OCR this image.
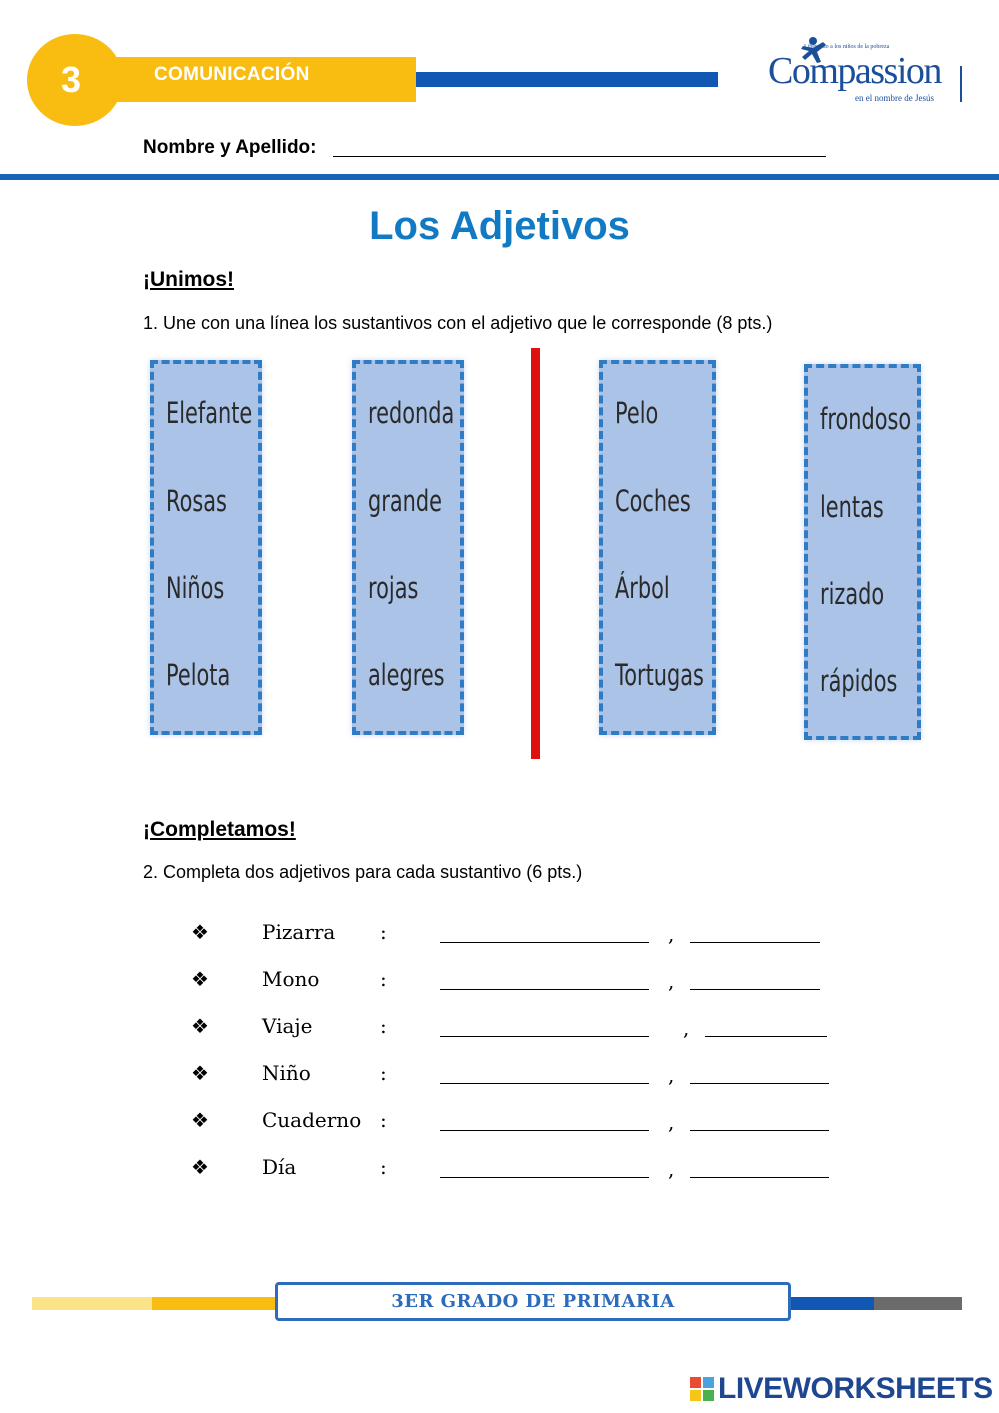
3	COMUNICACIÓN
Liberando a los niños de la pobreza
Compassion
en el nombre de Jesús
Nombre y Apellido:
Los Adjetivos
¡Unimos!
1. Une con una línea los sustantivos con el adjetivo que le corresponde (8 pts.)
Elefante
Rosas
Niños
Pelota
redonda
grande
rojas
alegres
Pelo
Coches
Árbol
Tortugas
frondoso
lentas
rizado
rápidos
¡Completamos!
2. Completa dos adjetivos para cada sustantivo (6 pts.)
❖	Pizarra :	,
❖	Mono	:	,
❖	Viaje	:	,
❖	Niño	:	,
❖	Cuaderno :	,
❖	Día	:	,
3ER GRADO DE PRIMARIA
LIVEWORKSHEETS
